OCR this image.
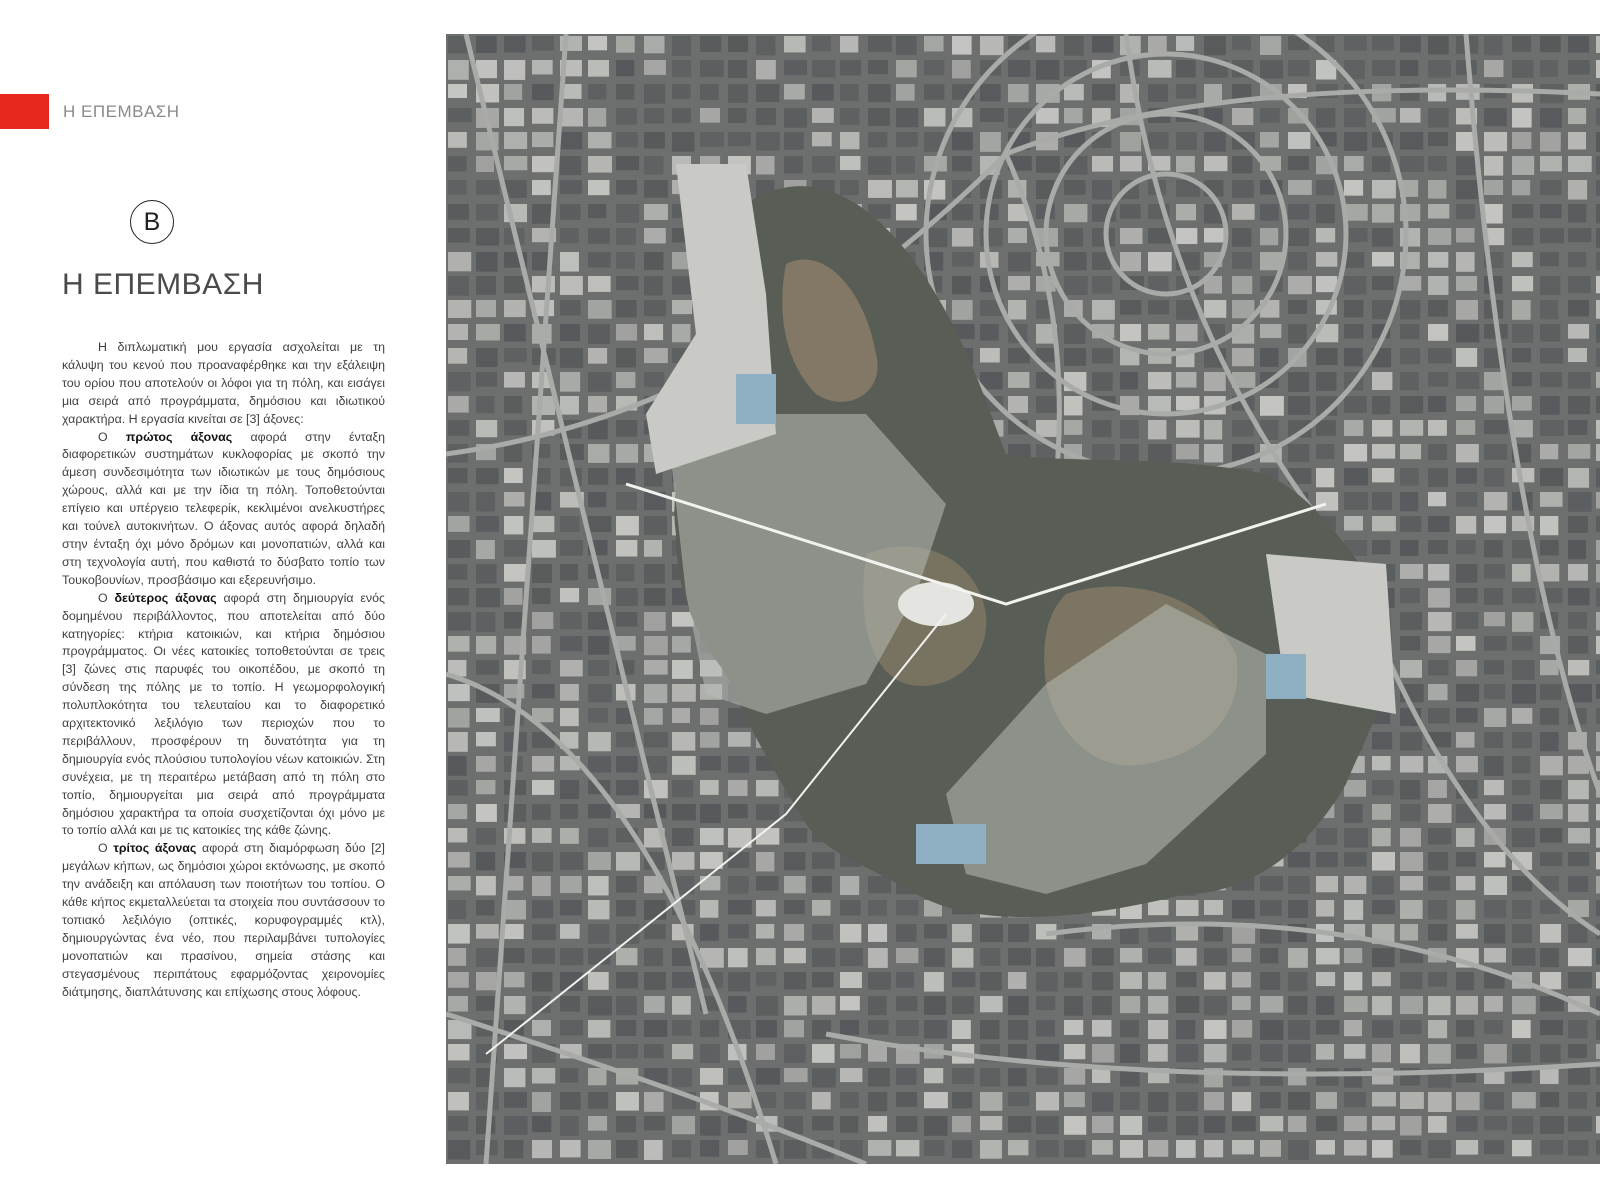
Η ΕΠΕΜΒΑΣΗ
B
Η ΕΠΕΜΒΑΣΗ

Η διπλωματική μου εργασία ασχολείται με τη κάλυψη του κενού που προαναφέρθηκε και την εξάλειψη του ορίου που αποτελούν οι λόφοι για τη πόλη, και εισάγει μια σειρά από προγράμματα, δημόσιου και ιδιωτικού χαρακτήρα. Η εργασία κινείται σε [3] άξονες:

Ο πρώτος άξονας αφορά στην ένταξη διαφορετικών συστημάτων κυκλοφορίας με σκοπό την άμεση συνδεσιμότητα των ιδιωτικών με τους δημόσιους χώρους, αλλά και με την ίδια τη πόλη. Τοποθετούνται επίγειο και υπέργειο τελεφερίκ, κεκλιμένοι ανελκυστήρες και τούνελ αυτοκινήτων. Ο άξονας αυτός αφορά δηλαδή στην ένταξη όχι μόνο δρόμων και μονοπατιών, αλλά και στη τεχνολογία αυτή, που καθιστά το δύσβατο τοπίο των Τουκοβουνίων, προσβάσιμο και εξερευνήσιμο.

Ο δεύτερος άξονας αφορά στη δημιουργία ενός δομημένου περιβάλλοντος, που αποτελείται από δύο κατηγορίες: κτήρια κατοικιών, και κτήρια δημόσιου προγράμματος. Οι νέες κατοικίες τοποθετούνται σε τρεις [3] ζώνες στις παρυφές του οικοπέδου, με σκοπό τη σύνδεση της πόλης με το τοπίο. Η γεωμορφολογική πολυπλοκότητα του τελευταίου και το διαφορετικό αρχιτεκτονικό λεξιλόγιο των περιοχών που το περιβάλλουν, προσφέρουν τη δυνατότητα για τη δημιουργία ενός πλούσιου τυπολογίου νέων κατοικιών. Στη συνέχεια, με τη περαιτέρω μετάβαση από τη πόλη στο τοπίο, δημιουργείται μια σειρά από προγράμματα δημόσιου χαρακτήρα τα οποία συσχετίζονται όχι μόνο με το τοπίο αλλά και με τις κατοικίες της κάθε ζώνης.

Ο τρίτος άξονας αφορά στη διαμόρφωση δύο [2] μεγάλων κήπων, ως δημόσιοι χώροι εκτόνωσης, με σκοπό την ανάδειξη και απόλαυση των ποιοτήτων του τοπίου. Ο κάθε κήπος εκμεταλλεύεται τα στοιχεία που συντάσσουν το τοπιακό λεξιλόγιο (οπτικές, κορυφογραμμές κτλ), δημιουργώντας ένα νέο, που περιλαμβάνει τυπολογίες μονοπατιών και πρασίνου, σημεία στάσης και στεγασμένους περιπάτους εφαρμόζοντας χειρονομίες διάτμησης, διαπλάτυνσης και επίχωσης στους λόφους.
